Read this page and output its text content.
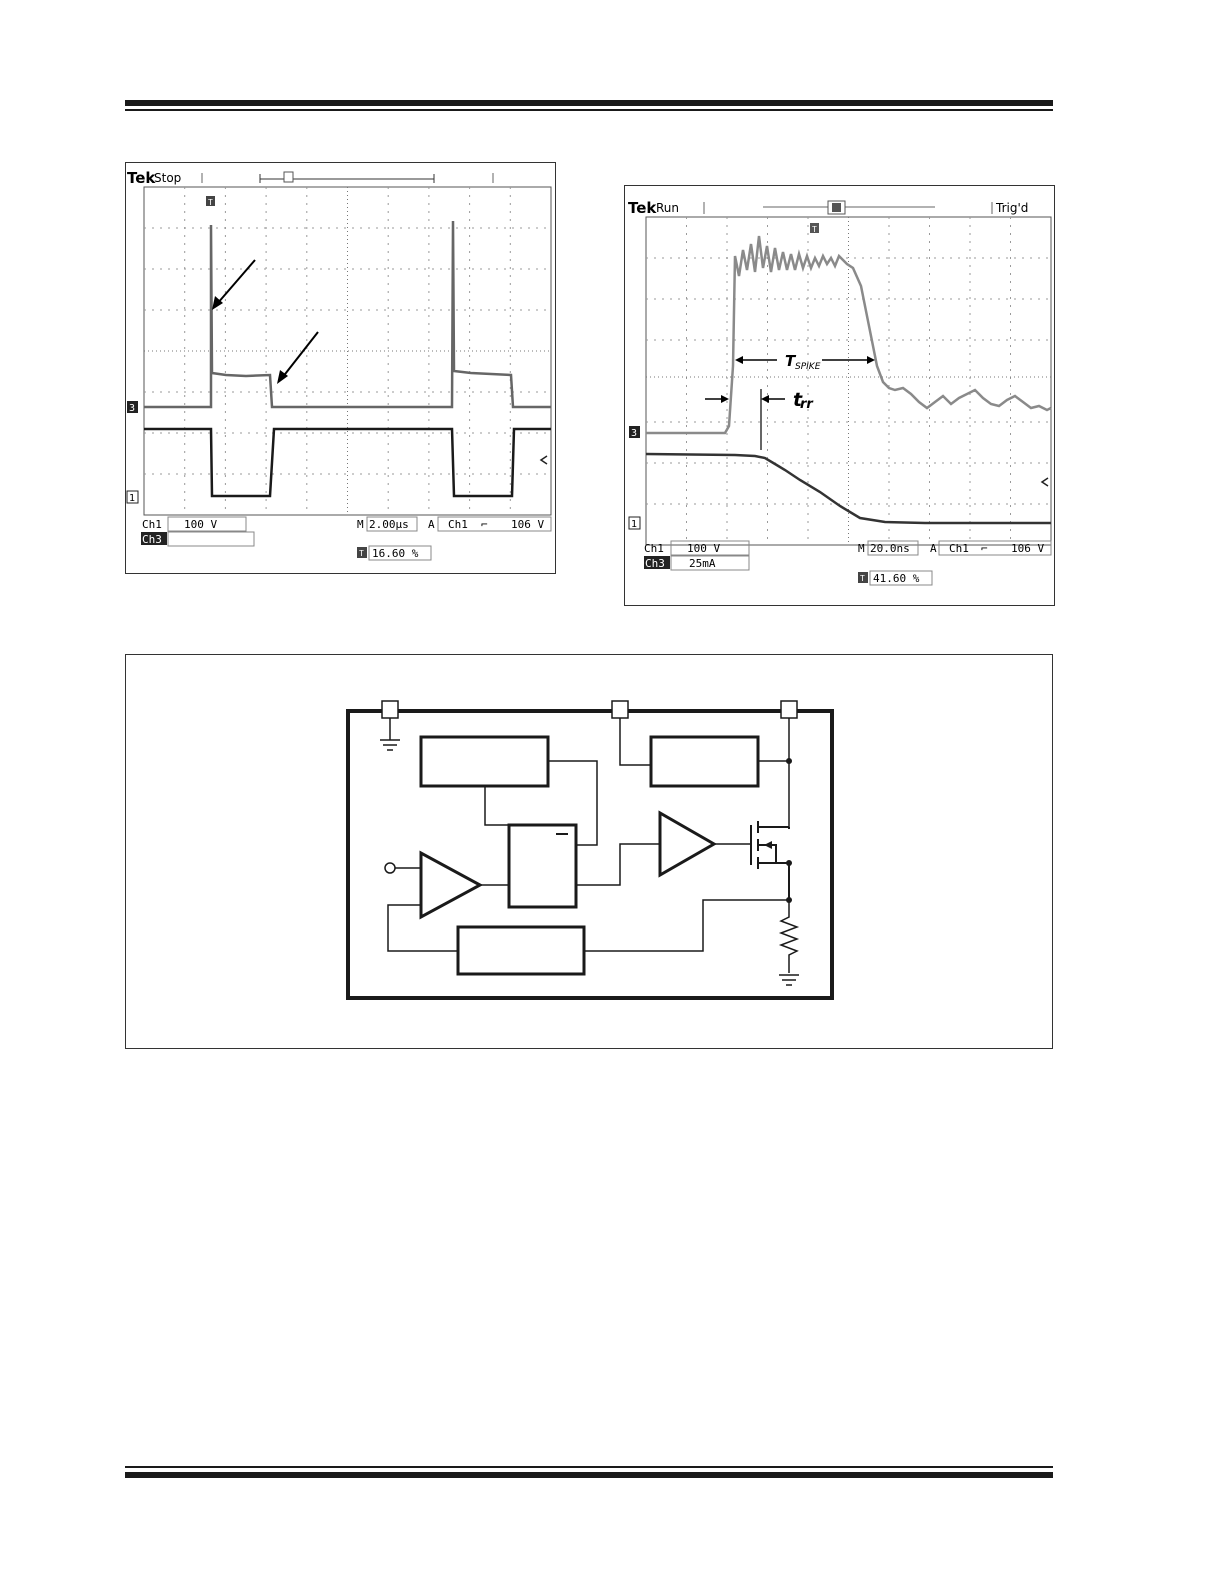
Tek
Stop
T
3
1
Ch1 100 V
Ch3
M 2.00µs A Ch1 ⌐ 106 V
T 16.60 %
Tek Run	Trig'd
T SPIKE
t
rr
T
3
1
Ch1 100 V
Ch3 25mA
M 20.0ns A Ch1 ⌐ 106 V
T 41.60 %
